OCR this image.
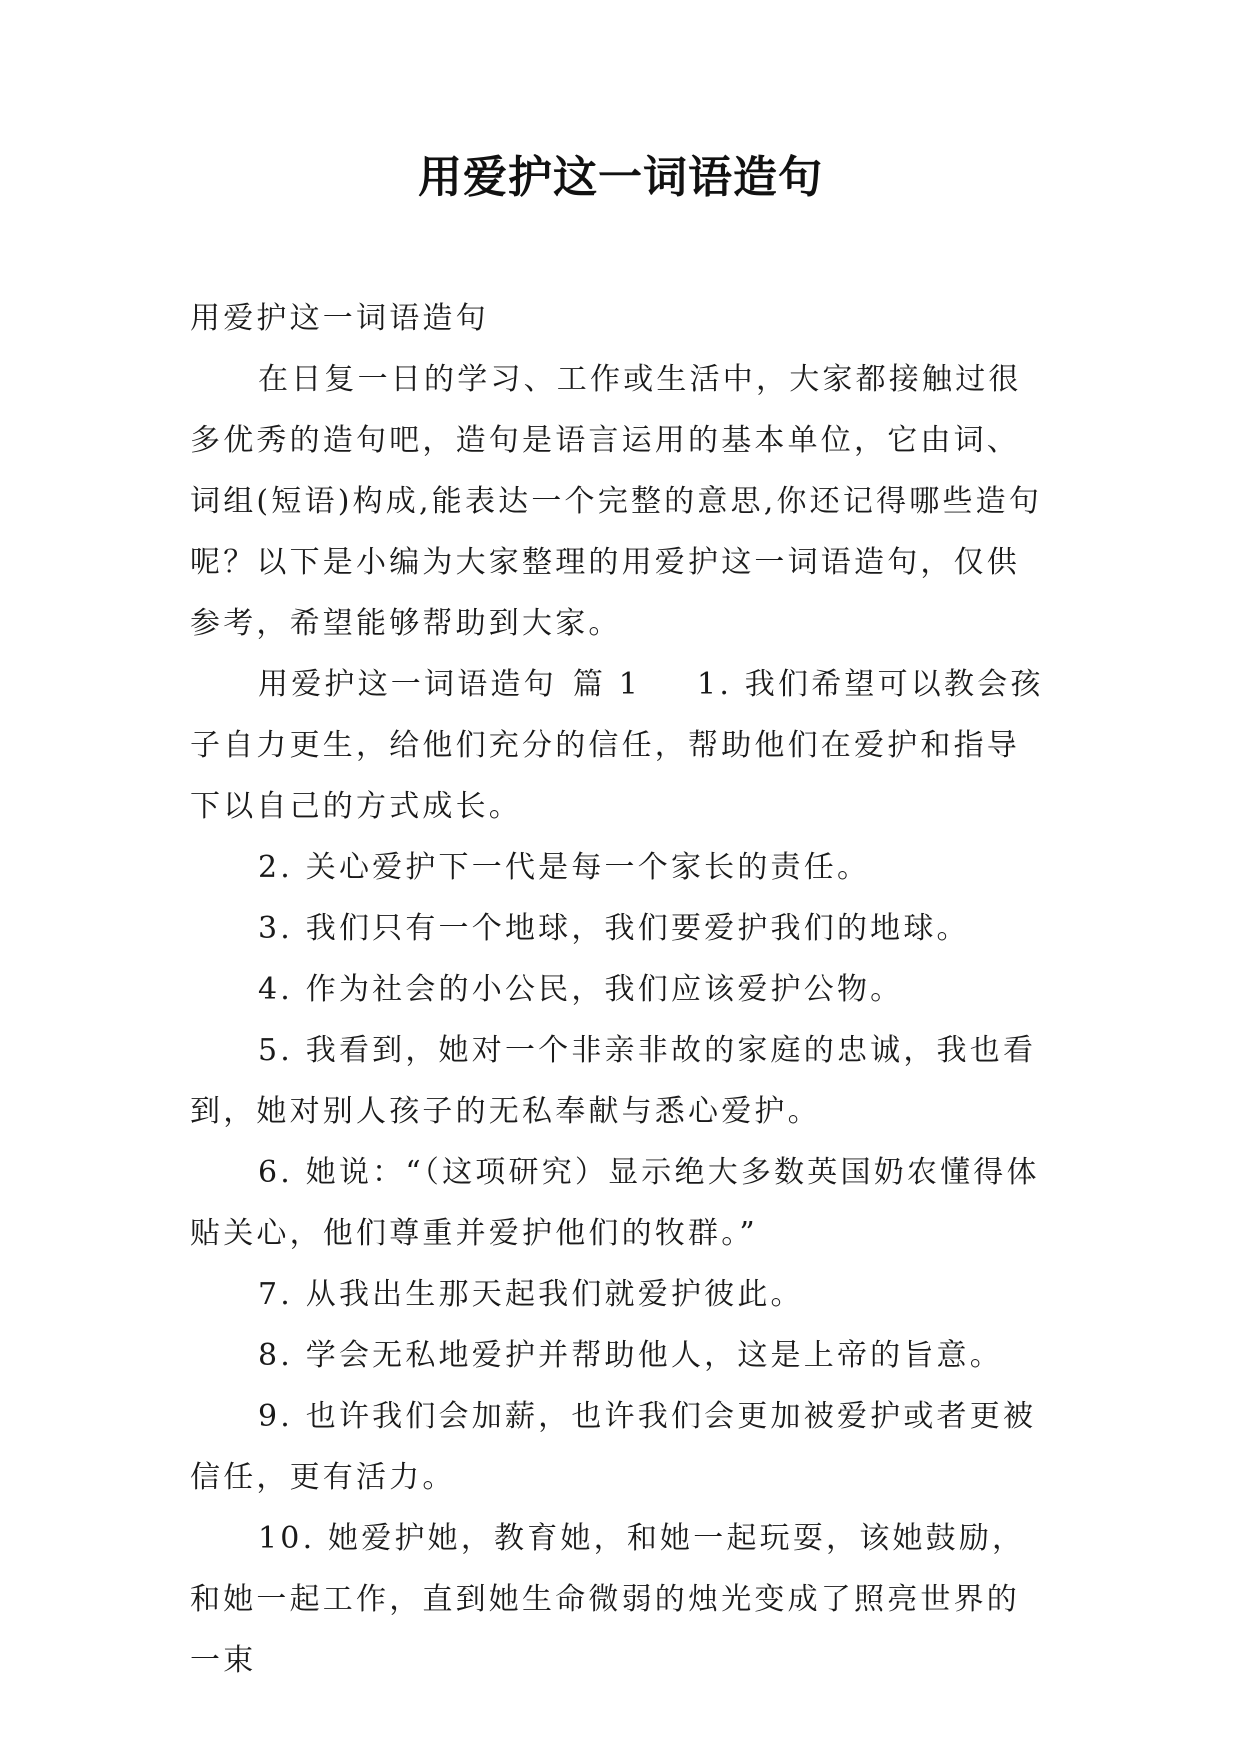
用爱护这一词语造句

用爱护这一词语造句

在日复一日的学习、工作或生活中，大家都接触过很多优秀的造句吧，造句是语言运用的基本单位，它由词、词组(短语)构成,能表达一个完整的意思,你还记得哪些造句呢？以下是小编为大家整理的用爱护这一词语造句，仅供参考，希望能够帮助到大家。

用爱护这一词语造句 篇 1 1. 我们希望可以教会孩子自力更生，给他们充分的信任，帮助他们在爱护和指导下以自己的方式成长。

2. 关心爱护下一代是每一个家长的责任。

3. 我们只有一个地球，我们要爱护我们的地球。

4. 作为社会的小公民，我们应该爱护公物。

5. 我看到，她对一个非亲非故的家庭的忠诚，我也看到，她对别人孩子的无私奉献与悉心爱护。

6. 她说：“（这项研究）显示绝大多数英国奶农懂得体贴关心，他们尊重并爱护他们的牧群。”

7. 从我出生那天起我们就爱护彼此。

8. 学会无私地爱护并帮助他人，这是上帝的旨意。

9. 也许我们会加薪，也许我们会更加被爱护或者更被信任，更有活力。

10. 她爱护她，教育她，和她一起玩耍，该她鼓励，和她一起工作，直到她生命微弱的烛光变成了照亮世界的一束
